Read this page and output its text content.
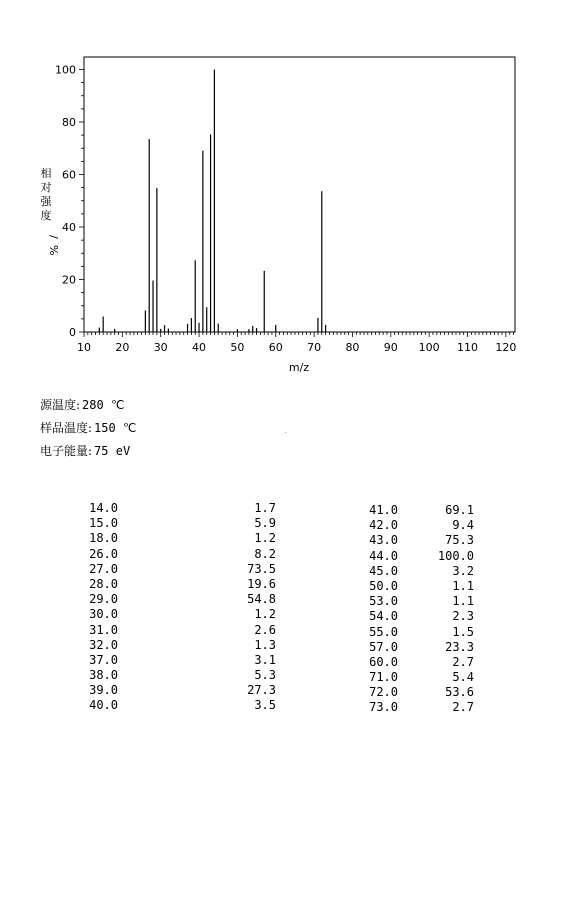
10 20 30 40 50 60 70 80 90 100 110 120
0
20
40
60
80
100
m/z
相
对
强
度
/
%
源温度: 280 ℃
样品温度: 150 ℃
电子能量: 75 eV
14.0	1.7
15.0	5.9
18.0	1.2
26.0	8.2
27.0	73.5
28.0	19.6
29.0	54.8
30.0	1.2
31.0	2.6
32.0	1.3
37.0	3.1
38.0	5.3
39.0	27.3
40.0	3.5
41.0	69.1
42.0	9.4
43.0	75.3
44.0	100.0
45.0	3.2
50.0	1.1
53.0	1.1
54.0	2.3
55.0	1.5
57.0	23.3
60.0	2.7
71.0	5.4
72.0	53.6
73.0	2.7
